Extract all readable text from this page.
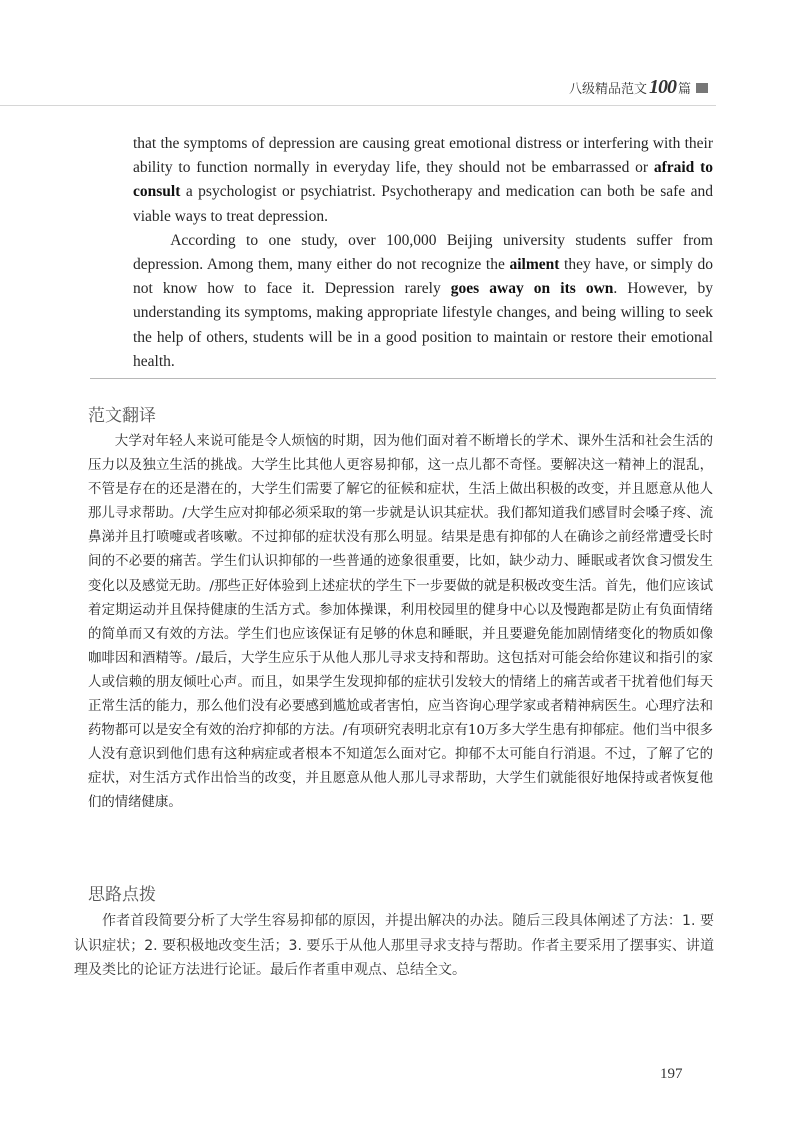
八级精品范文 100 篇

that the symptoms of depression are causing great emotional distress or interfering with their ability to function normally in everyday life, they should not be embarrassed or afraid to consult a psychologist or psychiatrist. Psychotherapy and medication can both be safe and viable ways to treat depression.

According to one study, over 100,000 Beijing university students suffer from depression. Among them, many either do not recognize the ailment they have, or simply do not know how to face it. Depression rarely goes away on its own. However, by understanding its symptoms, making appropriate lifestyle changes, and being willing to seek the help of others, students will be in a good position to maintain or restore their emotional health.

范文翻译

大学对年轻人来说可能是令人烦恼的时期，因为他们面对着不断增长的学术、课外生活和社会生活的压力以及独立生活的挑战。大学生比其他人更容易抑郁，这一点儿都不奇怪。要解决这一精神上的混乱，不管是存在的还是潜在的，大学生们需要了解它的征候和症状，生活上做出积极的改变，并且愿意从他人那儿寻求帮助。/大学生应对抑郁必须采取的第一步就是认识其症状。我们都知道我们感冒时会嗓子疼、流鼻涕并且打喷嚏或者咳嗽。不过抑郁的症状没有那么明显。结果是患有抑郁的人在确诊之前经常遭受长时间的不必要的痛苦。学生们认识抑郁的一些普通的迹象很重要，比如，缺少动力、睡眠或者饮食习惯发生变化以及感觉无助。/那些正好体验到上述症状的学生下一步要做的就是积极改变生活。首先，他们应该试着定期运动并且保持健康的生活方式。参加体操课，利用校园里的健身中心以及慢跑都是防止有负面情绪的简单而又有效的方法。学生们也应该保证有足够的休息和睡眠，并且要避免能加剧情绪变化的物质如像咖啡因和酒精等。/最后，大学生应乐于从他人那儿寻求支持和帮助。这包括对可能会给你建议和指引的家人或信赖的朋友倾吐心声。而且，如果学生发现抑郁的症状引发较大的情绪上的痛苦或者干扰着他们每天正常生活的能力，那么他们没有必要感到尴尬或者害怕，应当咨询心理学家或者精神病医生。心理疗法和药物都可以是安全有效的治疗抑郁的方法。/有项研究表明北京有10万多大学生患有抑郁症。他们当中很多人没有意识到他们患有这种病症或者根本不知道怎么面对它。抑郁不太可能自行消退。不过，了解了它的症状，对生活方式作出恰当的改变，并且愿意从他人那儿寻求帮助，大学生们就能很好地保持或者恢复他们的情绪健康。

思路点拨

作者首段简要分析了大学生容易抑郁的原因，并提出解决的办法。随后三段具体阐述了方法：1. 要认识症状；2. 要积极地改变生活；3. 要乐于从他人那里寻求支持与帮助。作者主要采用了摆事实、讲道理及类比的论证方法进行论证。最后作者重申观点、总结全文。

197
